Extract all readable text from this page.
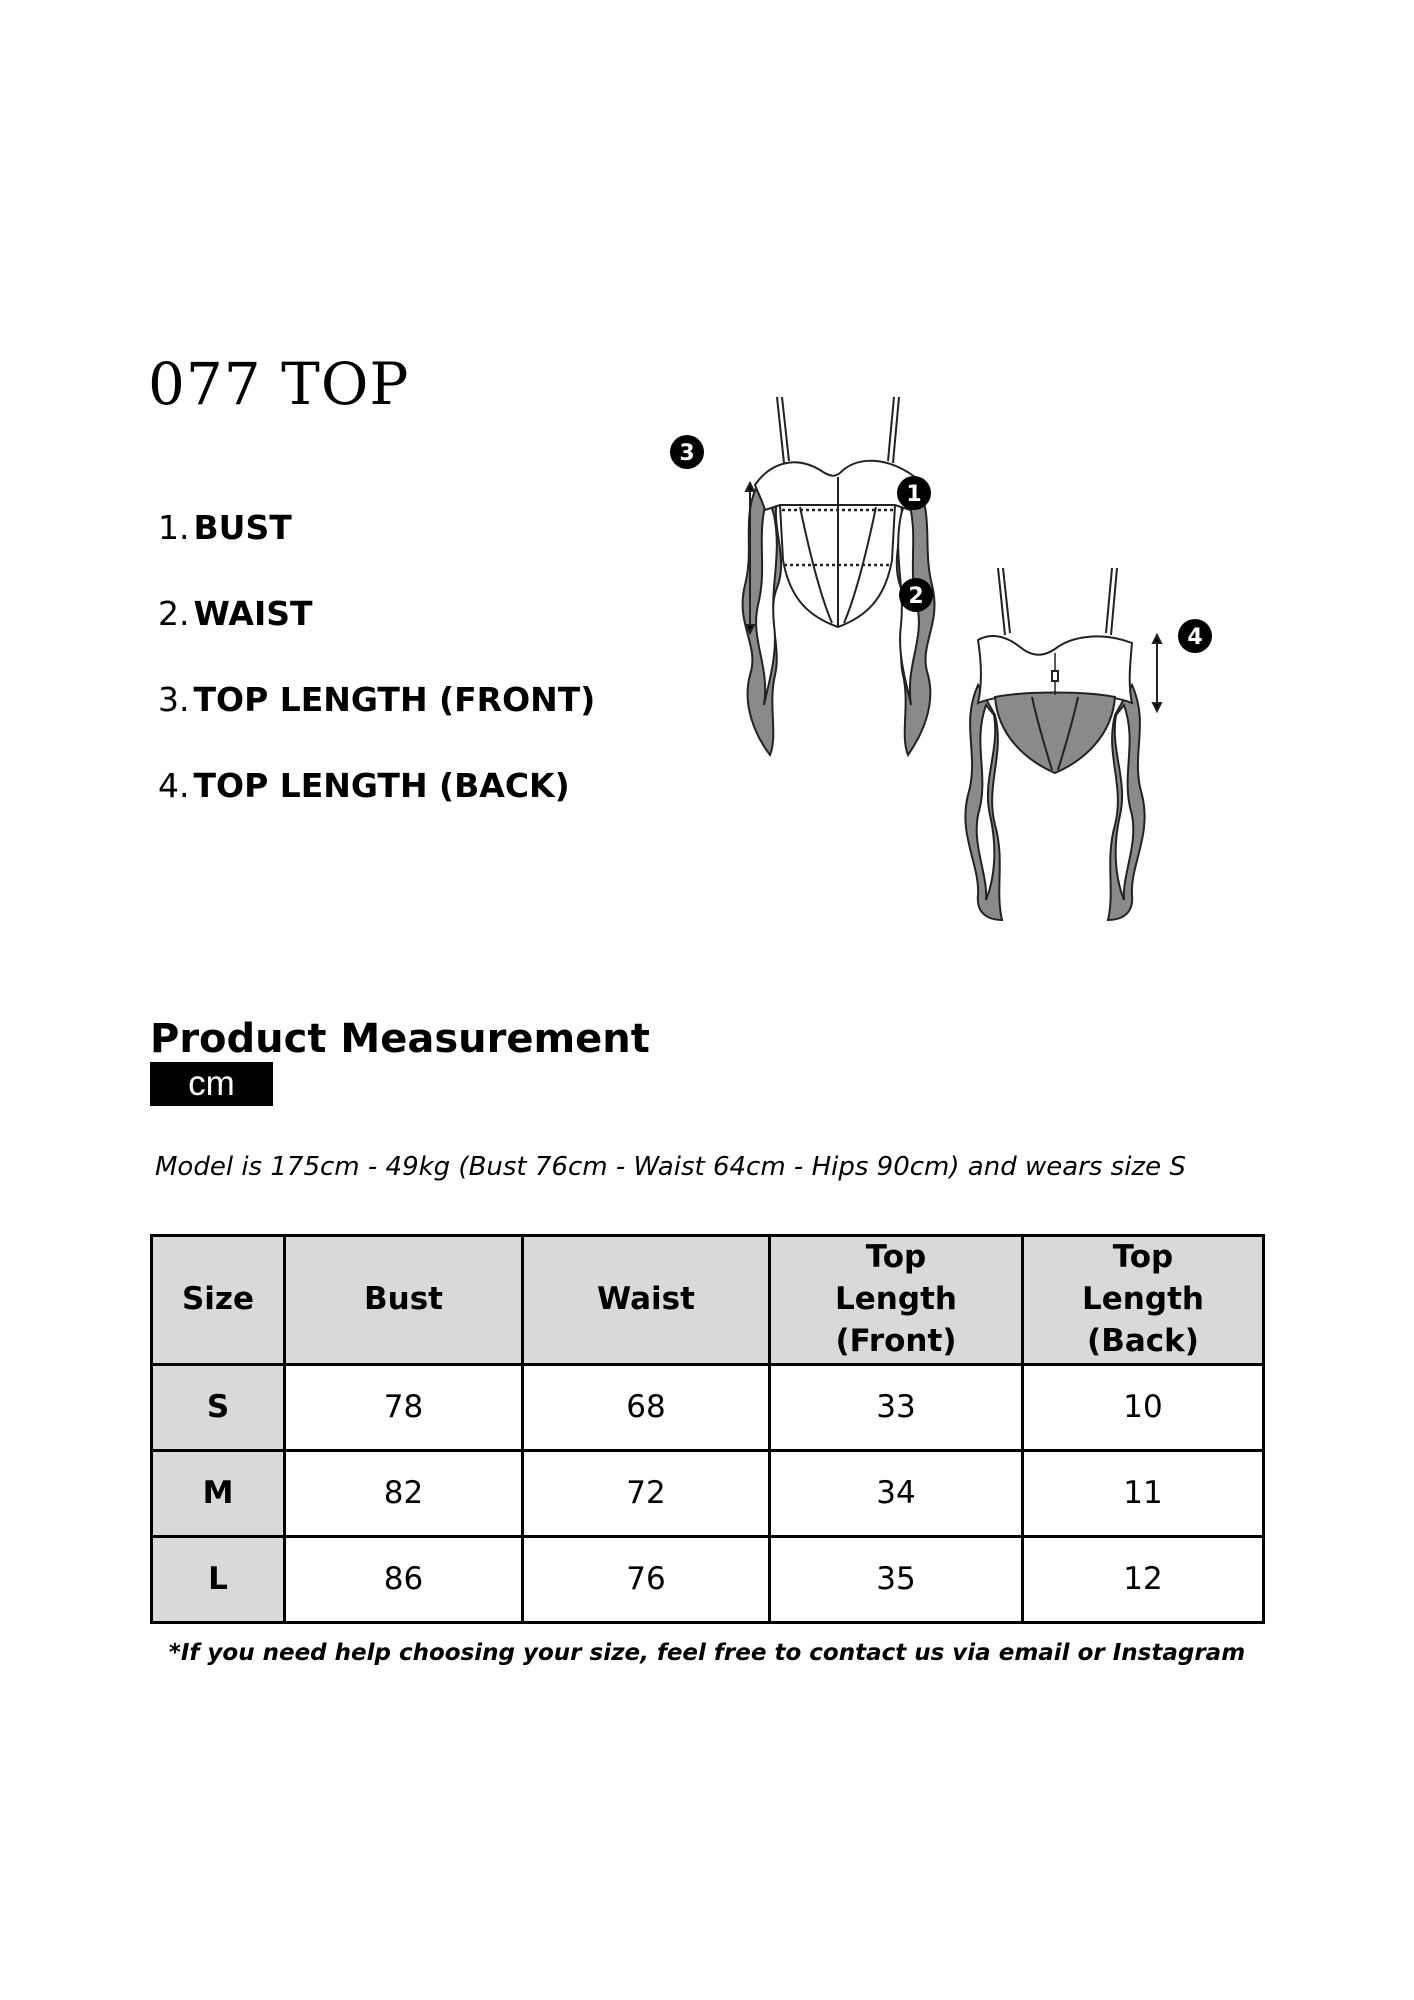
077 TOP
1. BUST
2. WAIST
3. TOP LENGTH (FRONT)
4. TOP LENGTH (BACK)
3
1
2
4
Product Measurement
cm
Model is 175cm - 49kg (Bust 76cm - Waist 64cm - Hips 90cm) and wears size S
Size	Bust	Waist	Top Length (Front)	Top Length (Back)
S	78	68	33	10
M	82	72	34	11
L	86	76	35	12
*If you need help choosing your size, feel free to contact us via email or Instagram
